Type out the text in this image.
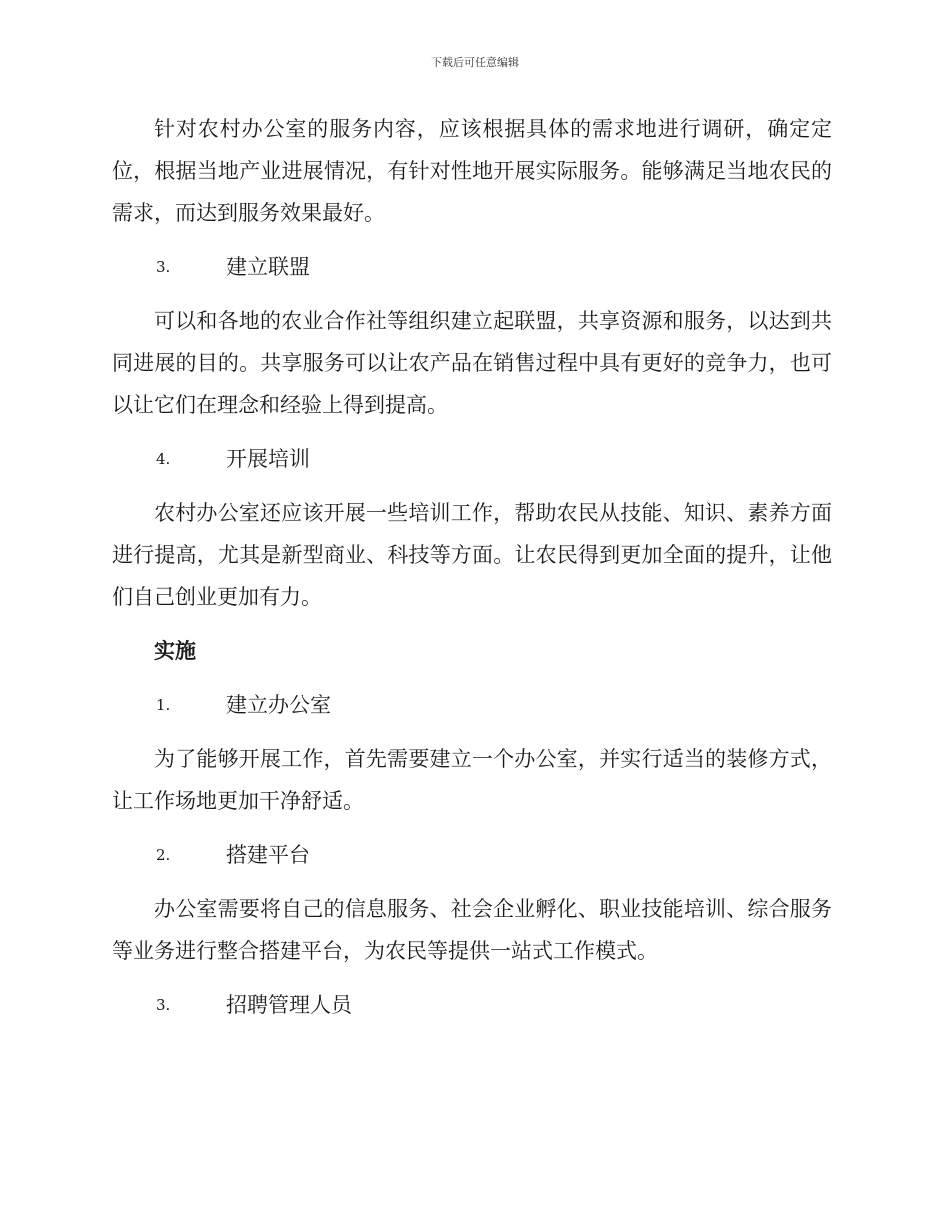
下载后可任意编辑

针对农村办公室的服务内容，应该根据具体的需求地进行调研，确定定位，根据当地产业进展情况，有针对性地开展实际服务。能够满足当地农民的需求，而达到服务效果最好。

3.	建立联盟

可以和各地的农业合作社等组织建立起联盟，共享资源和服务，以达到共同进展的目的。共享服务可以让农产品在销售过程中具有更好的竞争力，也可以让它们在理念和经验上得到提高。

4.	开展培训

农村办公室还应该开展一些培训工作，帮助农民从技能、知识、素养方面进行提高，尤其是新型商业、科技等方面。让农民得到更加全面的提升，让他们自己创业更加有力。

实施
1.	建立办公室

为了能够开展工作，首先需要建立一个办公室，并实行适当的装修方式，让工作场地更加干净舒适。

2.	搭建平台

办公室需要将自己的信息服务、社会企业孵化、职业技能培训、综合服务等业务进行整合搭建平台，为农民等提供一站式工作模式。

3.	招聘管理人员
